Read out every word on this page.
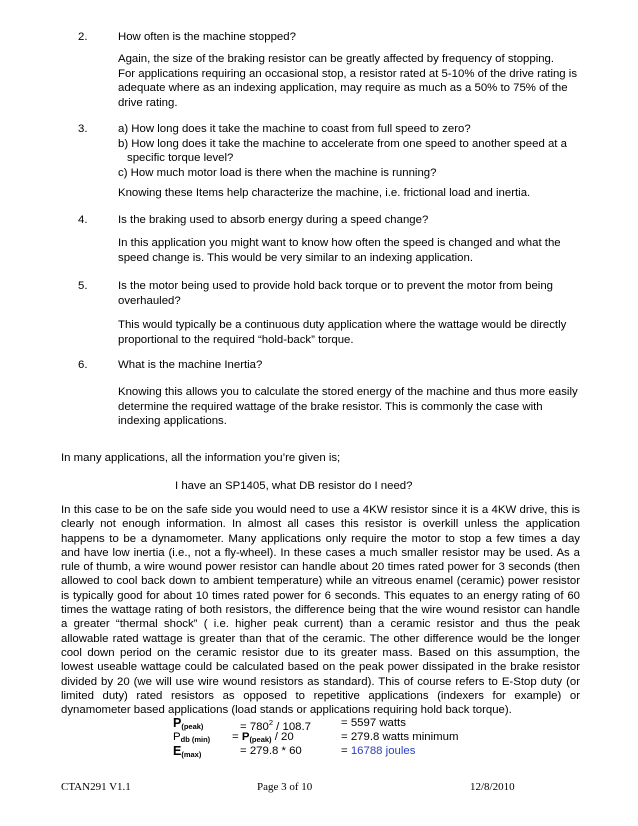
2.	How often is the machine stopped?
Again, the size of the braking resistor can be greatly affected by frequency of stopping.
For applications requiring an occasional stop, a resistor rated at 5-10% of the drive rating is
adequate where as an indexing application, may require as much as a 50% to 75% of the
drive rating.
3.	a) How long does it take the machine to coast from full speed to zero?
b) How long does it take the machine to accelerate from one speed to another speed at a
specific torque level?
c) How much motor load is there when the machine is running?
Knowing these Items help characterize the machine, i.e. frictional load and inertia.
4.	Is the braking used to absorb energy during a speed change?
In this application you might want to know how often the speed is changed and what the
speed change is. This would be very similar to an indexing application.
5.	Is the motor being used to provide hold back torque or to prevent the motor from being
overhauled?
This would typically be a continuous duty application where the wattage would be directly
proportional to the required “hold-back” torque.
6.	What is the machine Inertia?
Knowing this allows you to calculate the stored energy of the machine and thus more easily
determine the required wattage of the brake resistor. This is commonly the case with
indexing applications.
In many applications, all the information you’re given is;
I have an SP1405, what DB resistor do I need?
In this case to be on the safe side you would need to use a 4KW resistor since it is a 4KW drive, this is
clearly not enough information. In almost all cases this resistor is overkill unless the application
happens to be a dynamometer. Many applications only require the motor to stop a few times a day
and have low inertia (i.e., not a fly-wheel). In these cases a much smaller resistor may be used. As a
rule of thumb, a wire wound power resistor can handle about 20 times rated power for 3 seconds (then
allowed to cool back down to ambient temperature) while an vitreous enamel (ceramic) power resistor
is typically good for about 10 times rated power for 6 seconds. This equates to an energy rating of 60
times the wattage rating of both resistors, the difference being that the wire wound resistor can handle
a greater “thermal shock” ( i.e. higher peak current) than a ceramic resistor and thus the peak
allowable rated wattage is greater than that of the ceramic. The other difference would be the longer
cool down period on the ceramic resistor due to its greater mass. Based on this assumption, the
lowest useable wattage could be calculated based on the peak power dissipated in the brake resistor
divided by 20 (we will use wire wound resistors as standard). This of course refers to E-Stop duty (or
limited duty) rated resistors as opposed to repetitive applications (indexers for example) or
dynamometer based applications (load stands or applications requiring hold back torque).
$P_{(peak)}$	= $780^2 / 108.7$	= 5597 watts
$P_{db (min)} = P_{(peak)} / 20$	= 279.8 watts minimum
$E_{(max)}$	= 279.8 * 60	= 16788 joules
CTAN291 V1.1	Page 3 of 10	12/8/2010
